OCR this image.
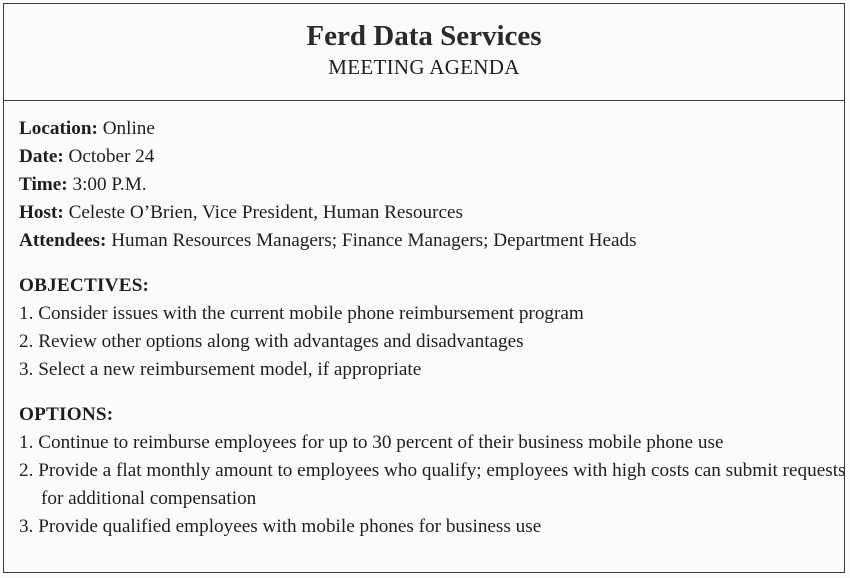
Ferd Data Services
MEETING AGENDA
Location: Online
Date: October 24
Time: 3:00 P.M.
Host: Celeste O’Brien, Vice President, Human Resources
Attendees: Human Resources Managers; Finance Managers; Department Heads
OBJECTIVES:
1. Consider issues with the current mobile phone reimbursement program
2. Review other options along with advantages and disadvantages
3. Select a new reimbursement model, if appropriate
OPTIONS:
1. Continue to reimburse employees for up to 30 percent of their business mobile phone use
2. Provide a flat monthly amount to employees who qualify; employees with high costs can submit requests for additional compensation
3. Provide qualified employees with mobile phones for business use
